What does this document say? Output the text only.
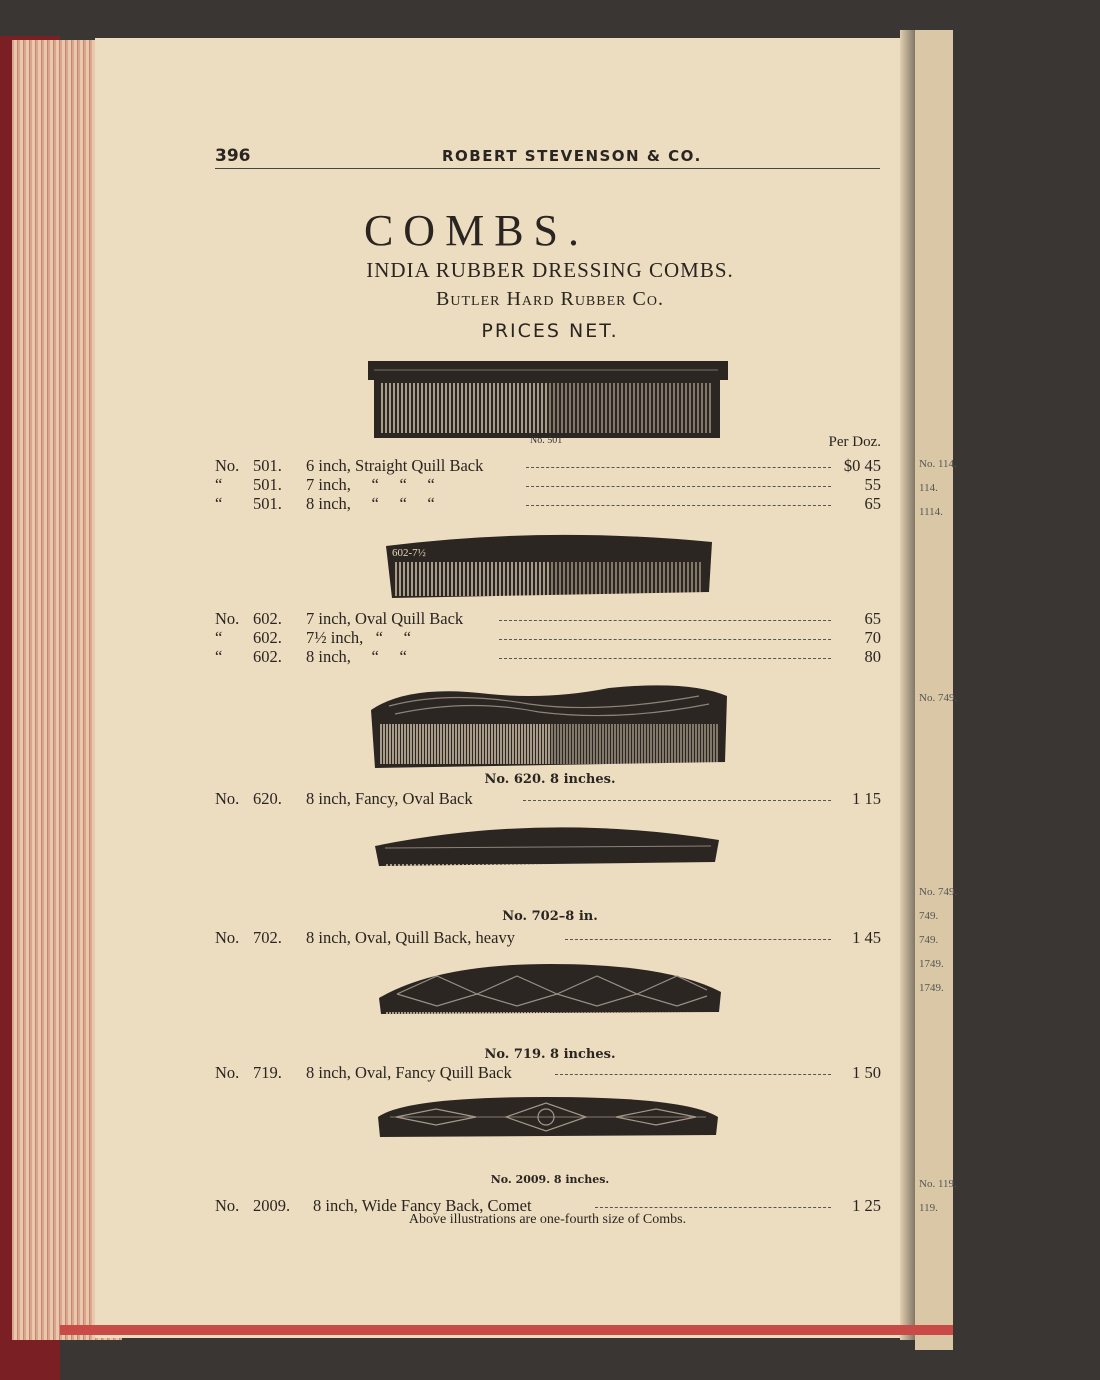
No. 114.
114.
1114.
No. 749.
No. 749.
749.
749.
1749.
1749.
No. 119.
119.
396	ROBERT STEVENSON & CO.
COMBS.
INDIA RUBBER DRESSING COMBS.
Butler Hard Rubber Co.
PRICES NET.
Per Doz.
No. 501
602-7½
No. 620. 8 inches.
No. 702–8 in.
No. 719. 8 inches.
No. 2009. 8 inches.
No. 501. 6 inch, Straight Quill Back	$0 45
“ 501. 7 inch,     “     “     “	55
“ 501. 8 inch,     “     “     “	65
No. 602. 7 inch, Oval Quill Back	65
“ 602. 7½ inch,   “     “	70
“ 602. 8 inch,     “     “	80
No. 620. 8 inch, Fancy, Oval Back	1 15
No. 702. 8 inch, Oval, Quill Back, heavy	1 45
No. 719. 8 inch, Oval, Fancy Quill Back	1 50
No. 2009. 8 inch, Wide Fancy Back, Comet	1 25
Above illustrations are one-fourth size of Combs.
